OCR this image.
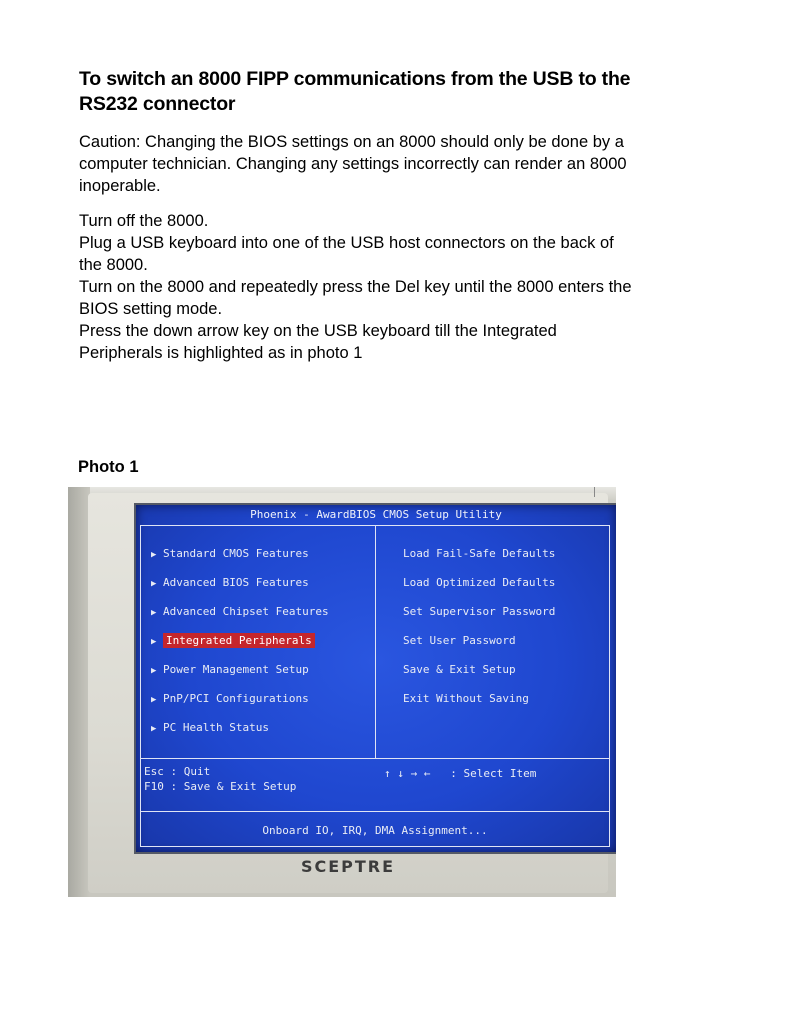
To switch an 8000 FIPP communications from the USB to the RS232 connector

Caution: Changing the BIOS settings on an 8000 should only be done by a computer technician. Changing any settings incorrectly can render an 8000 inoperable.

Turn off the 8000.

Plug a USB keyboard into one of the USB host connectors on the back of the 8000.

Turn on the 8000 and repeatedly press the Del key until the 8000 enters the BIOS setting mode.

Press the down arrow key on the USB keyboard till the Integrated Peripherals is highlighted as in photo 1

Photo 1
Phoenix - AwardBIOS CMOS Setup Utility
▶ Standard CMOS Features
▶ Advanced BIOS Features
▶ Advanced Chipset Features
▶ Integrated Peripherals
▶ Power Management Setup
▶ PnP/PCI Configurations
▶ PC Health Status
Load Fail-Safe Defaults
Load Optimized Defaults
Set Supervisor Password
Set User Password
Save & Exit Setup
Exit Without Saving
Esc : Quit
F10 : Save & Exit Setup
↑ ↓ → ←   : Select Item
Onboard IO, IRQ, DMA Assignment...
SCEPTRE
